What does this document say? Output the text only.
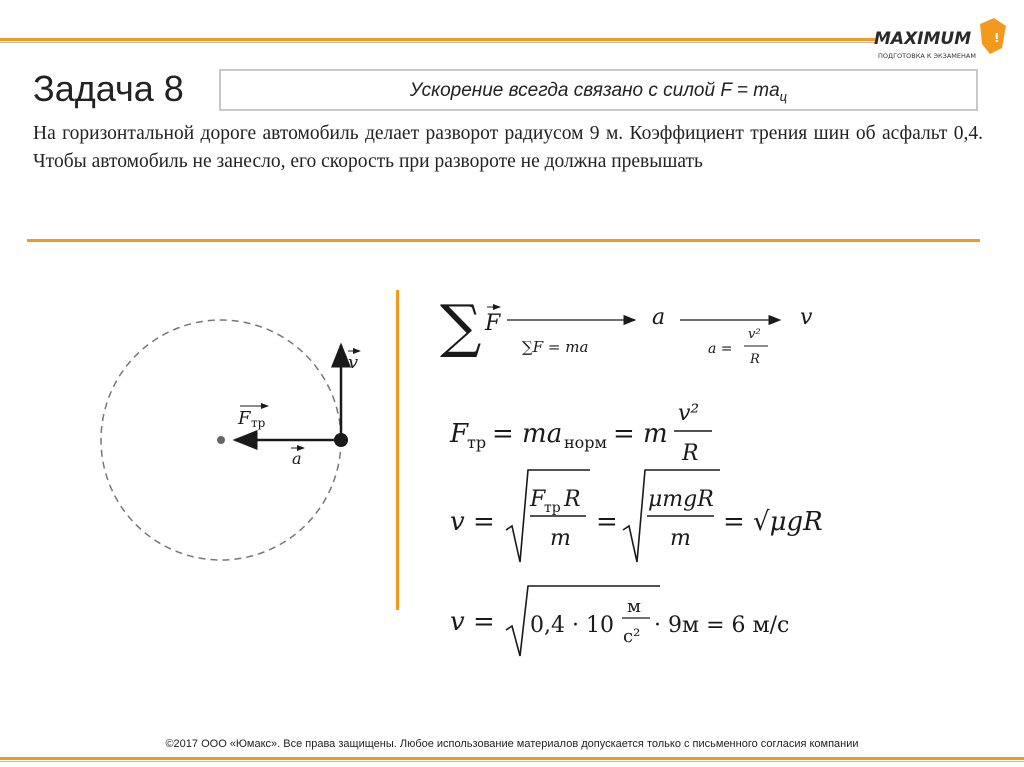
MAXIMUM !
ПОДГОТОВКА К ЭКЗАМЕНАМ
Задача 8	Ускорение всегда связано с силой $F = ma_ц$
На горизонтальной дороге автомобиль делает разворот радиусом 9 м. Коэффициент трения шин об асфальт 0,4. Чтобы автомобиль не занесло, его скорость при развороте не должна превышать
v
F тр
a
∑ F
∑F = ma
a	v
a =
v²
R
F
тр = ma норм = m
v²
R
v =
F
тр R
m
=
μmgR
m
= √μgR
v = 0,4 · 10
м
с² · 9м = 6 м/с
©2017 ООО «Юмакс». Все права защищены. Любое использование материалов допускается только с письменного согласия компании
